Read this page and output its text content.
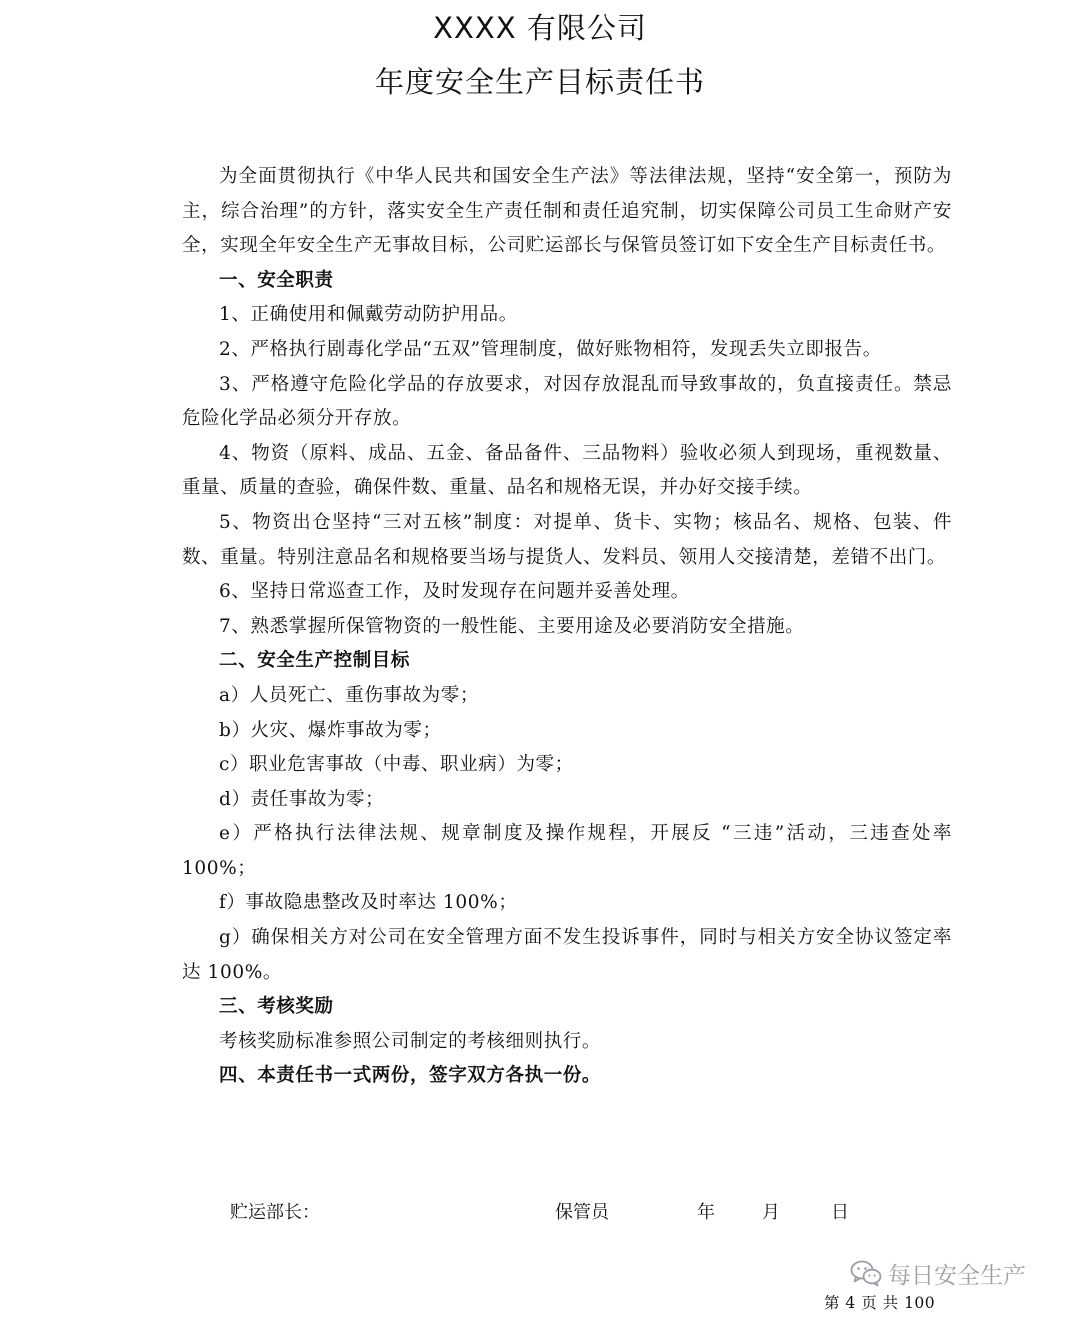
XXXX 有限公司
年度安全生产目标责任书

为全面贯彻执行《中华人民共和国安全生产法》等法律法规，坚持“安全第一，预防为主，综合治理”的方针，落实安全生产责任制和责任追究制，切实保障公司员工生命财产安全，实现全年安全生产无事故目标，公司贮运部长与保管员签订如下安全生产目标责任书。

一、安全职责

1、正确使用和佩戴劳动防护用品。

2、严格执行剧毒化学品“五双”管理制度，做好账物相符，发现丢失立即报告。

3、严格遵守危险化学品的存放要求，对因存放混乱而导致事故的，负直接责任。禁忌危险化学品必须分开存放。

4、物资（原料、成品、五金、备品备件、三品物料）验收必须人到现场，重视数量、重量、质量的查验，确保件数、重量、品名和规格无误，并办好交接手续。

5、物资出仓坚持“三对五核”制度：对提单、货卡、实物；核品名、规格、包装、件数、重量。特别注意品名和规格要当场与提货人、发料员、领用人交接清楚，差错不出门。

6、坚持日常巡查工作，及时发现存在问题并妥善处理。

7、熟悉掌握所保管物资的一般性能、主要用途及必要消防安全措施。

二、安全生产控制目标

a）人员死亡、重伤事故为零；

b）火灾、爆炸事故为零；

c）职业危害事故（中毒、职业病）为零；

d）责任事故为零；

e）严格执行法律法规、规章制度及操作规程，开展反 “三违”活动，三违查处率100%；

f）事故隐患整改及时率达 100%；

g）确保相关方对公司在安全管理方面不发生投诉事件，同时与相关方安全协议签定率达 100%。

三、考核奖励

考核奖励标准参照公司制定的考核细则执行。

四、本责任书一式两份，签字双方各执一份。

贮运部长：	保管员	年	月	日
每日安全生产
第 4 页 共 100
